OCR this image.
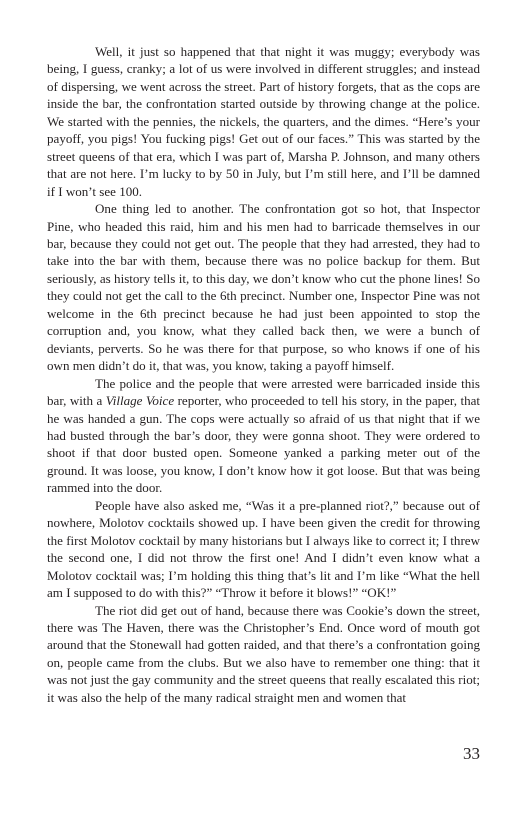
Well, it just so happened that that night it was muggy; everybody was being, I guess, cranky; a lot of us were involved in different struggles; and instead of dispersing, we went across the street. Part of history forgets, that as the cops are inside the bar, the confrontation started outside by throwing change at the police. We started with the pennies, the nickels, the quarters, and the dimes. “Here’s your payoff, you pigs! You fucking pigs! Get out of our faces.” This was started by the street queens of that era, which I was part of, Marsha P. Johnson, and many others that are not here. I’m lucky to by 50 in July, but I’m still here, and I’ll be damned if I won’t see 100.

One thing led to another. The confrontation got so hot, that Inspector Pine, who headed this raid, him and his men had to barricade themselves in our bar, because they could not get out. The people that they had arrested, they had to take into the bar with them, because there was no police backup for them. But seriously, as history tells it, to this day, we don’t know who cut the phone lines! So they could not get the call to the 6th precinct. Number one, Inspector Pine was not welcome in the 6th precinct because he had just been appointed to stop the corruption and, you know, what they called back then, we were a bunch of deviants, perverts. So he was there for that purpose, so who knows if one of his own men didn’t do it, that was, you know, taking a payoff himself.

The police and the people that were arrested were barricaded inside this bar, with a Village Voice reporter, who proceeded to tell his story, in the paper, that he was handed a gun. The cops were actually so afraid of us that night that if we had busted through the bar’s door, they were gonna shoot. They were ordered to shoot if that door busted open. Someone yanked a parking meter out of the ground. It was loose, you know, I don’t know how it got loose. But that was being rammed into the door.

People have also asked me, “Was it a pre-planned riot?,” because out of nowhere, Molotov cocktails showed up. I have been given the credit for throwing the first Molotov cocktail by many historians but I always like to correct it; I threw the second one, I did not throw the first one! And I didn’t even know what a Molotov cocktail was; I’m holding this thing that’s lit and I’m like “What the hell am I supposed to do with this?” “Throw it before it blows!” “OK!”

The riot did get out of hand, because there was Cookie’s down the street, there was The Haven, there was the Christopher’s End. Once word of mouth got around that the Stonewall had gotten raided, and that there’s a confrontation going on, people came from the clubs. But we also have to remember one thing: that it was not just the gay community and the street queens that really escalated this riot; it was also the help of the many radical straight men and women that

33
